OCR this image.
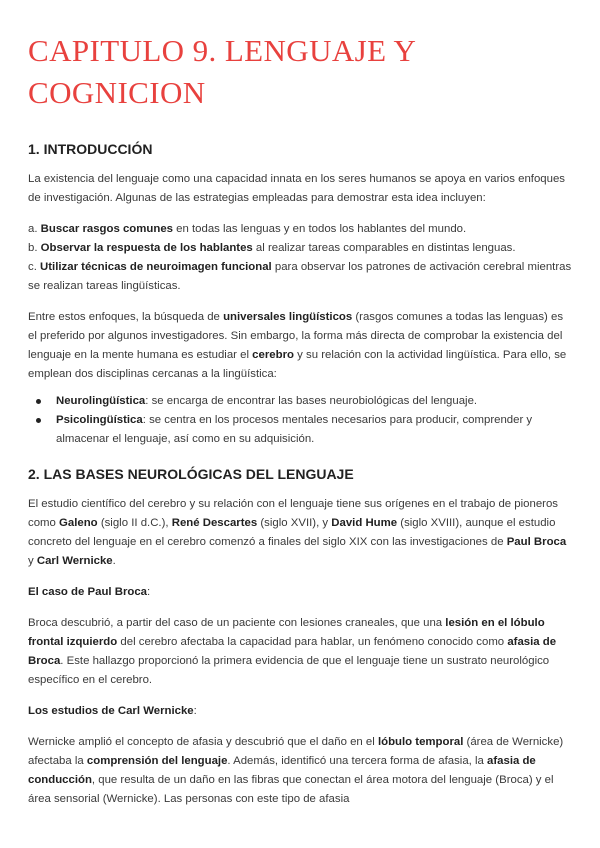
CAPITULO 9. LENGUAJE Y
COGNICION
1. INTRODUCCIÓN

La existencia del lenguaje como una capacidad innata en los seres humanos se apoya en varios enfoques de investigación. Algunas de las estrategias empleadas para demostrar esta idea incluyen:

a. Buscar rasgos comunes en todas las lenguas y en todos los hablantes del mundo.

b. Observar la respuesta de los hablantes al realizar tareas comparables en distintas lenguas.

c. Utilizar técnicas de neuroimagen funcional para observar los patrones de activación cerebral mientras se realizan tareas lingüísticas.

Entre estos enfoques, la búsqueda de universales lingüísticos (rasgos comunes a todas las lenguas) es el preferido por algunos investigadores. Sin embargo, la forma más directa de comprobar la existencia del lenguaje en la mente humana es estudiar el cerebro y su relación con la actividad lingüística. Para ello, se emplean dos disciplinas cercanas a la lingüística:

Neurolingüística: se encarga de encontrar las bases neurobiológicas del lenguaje.
Psicolingüística: se centra en los procesos mentales necesarios para producir, comprender y almacenar el lenguaje, así como en su adquisición.
2. LAS BASES NEUROLÓGICAS DEL LENGUAJE

El estudio científico del cerebro y su relación con el lenguaje tiene sus orígenes en el trabajo de pioneros como Galeno (siglo II d.C.), René Descartes (siglo XVII), y David Hume (siglo XVIII), aunque el estudio concreto del lenguaje en el cerebro comenzó a finales del siglo XIX con las investigaciones de Paul Broca y Carl Wernicke.

El caso de Paul Broca:

Broca descubrió, a partir del caso de un paciente con lesiones craneales, que una lesión en el lóbulo frontal izquierdo del cerebro afectaba la capacidad para hablar, un fenómeno conocido como afasia de Broca. Este hallazgo proporcionó la primera evidencia de que el lenguaje tiene un sustrato neurológico específico en el cerebro.

Los estudios de Carl Wernicke:

Wernicke amplió el concepto de afasia y descubrió que el daño en el lóbulo temporal (área de Wernicke) afectaba la comprensión del lenguaje. Además, identificó una tercera forma de afasia, la afasia de conducción, que resulta de un daño en las fibras que conectan el área motora del lenguaje (Broca) y el área sensorial (Wernicke). Las personas con este tipo de afasia
